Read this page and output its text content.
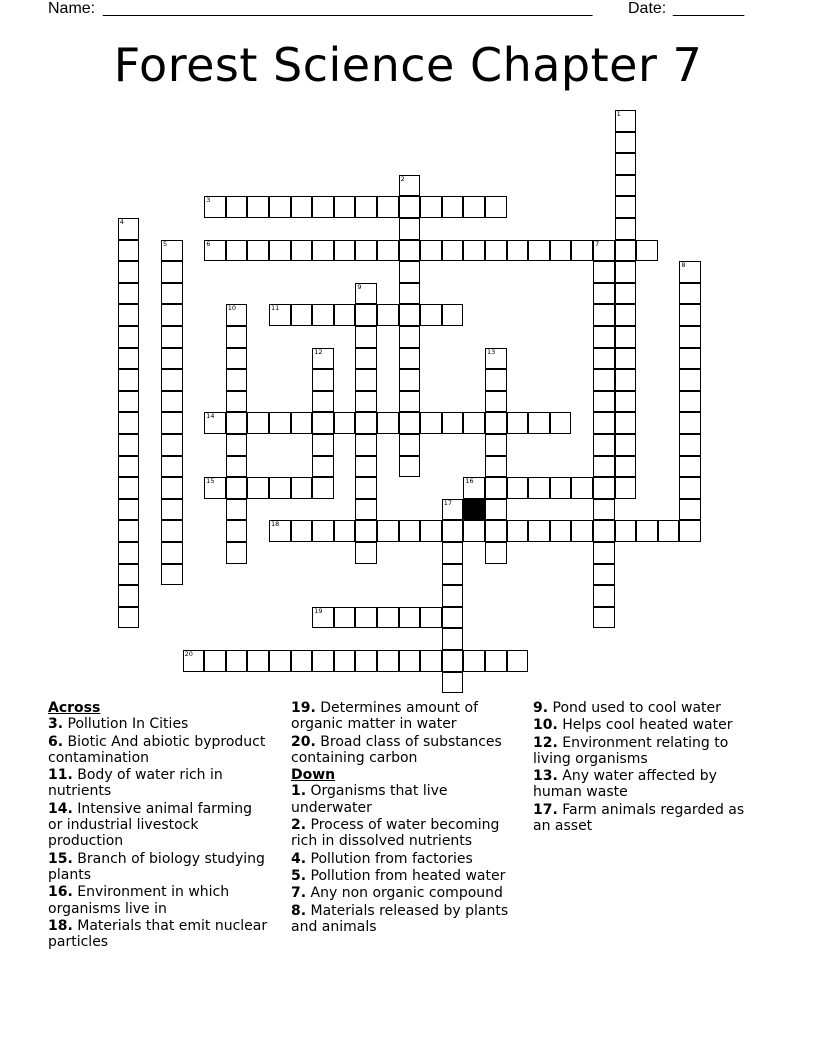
Name: _______________________________________________________ Date: ________
Forest Science Chapter 7
1
2
3
4
5	6	7
8
9
10	11
12	13
14
15	16
17
18
19
20
Across
3. Pollution In Cities
6. Biotic And abiotic byproduct contamination
11. Body of water rich in nutrients
14. Intensive animal farming or industrial livestock production
15. Branch of biology studying plants
16. Environment in which organisms live in
18. Materials that emit nuclear particles
19. Determines amount of organic matter in water
20. Broad class of substances containing carbon
Down
1. Organisms that live underwater
2. Process of water becoming rich in dissolved nutrients
4. Pollution from factories
5. Pollution from heated water
7. Any non organic compound
8. Materials released by plants and animals
9. Pond used to cool water
10. Helps cool heated water
12. Environment relating to living organisms
13. Any water affected by human waste
17. Farm animals regarded as an asset
